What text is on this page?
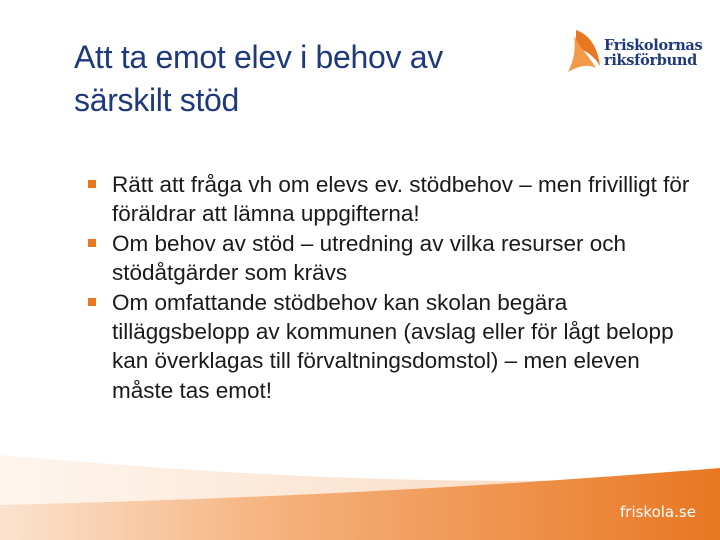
Att ta emot elev i behov av
särskilt stöd
Friskolornas
riksförbund
Rätt att fråga vh om elevs ev. stödbehov – men frivilligt för föräldrar att lämna uppgifterna!
Om behov av stöd – utredning av vilka resurser och stödåtgärder som krävs
Om omfattande stödbehov kan skolan begära tilläggsbelopp av kommunen (avslag eller för lågt belopp kan överklagas till förvaltningsdomstol) – men eleven måste tas emot!
friskola.se
